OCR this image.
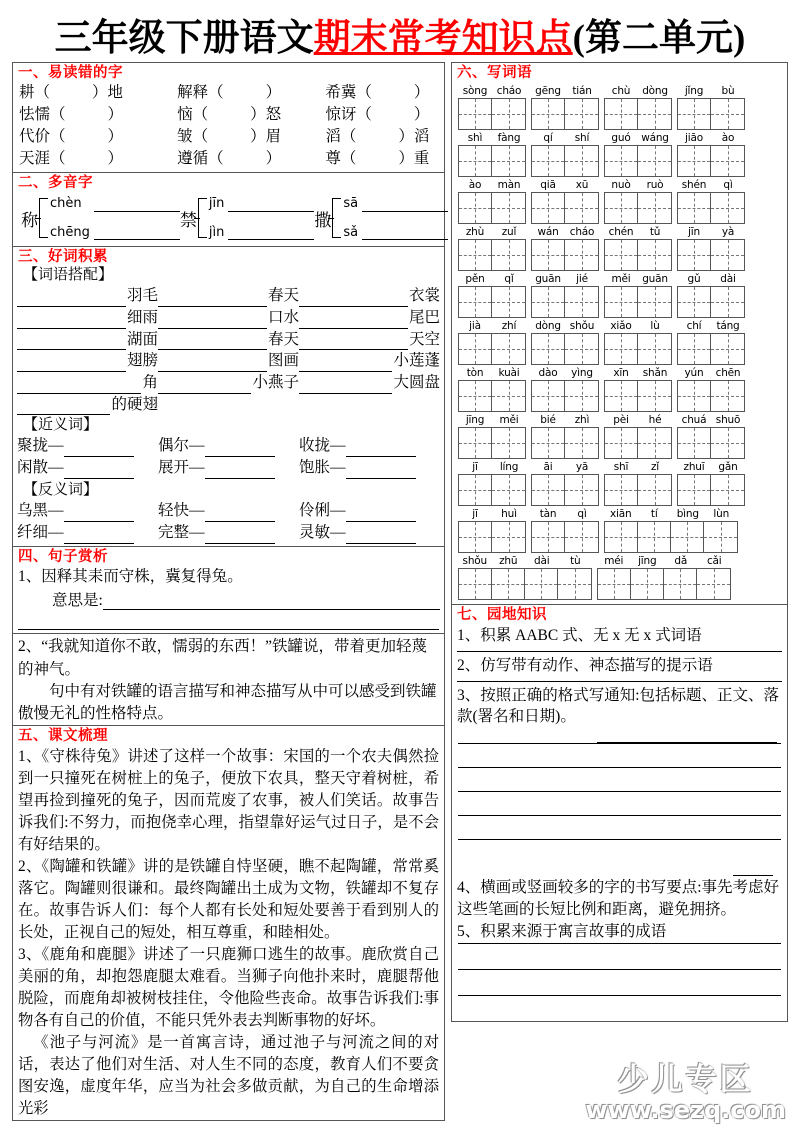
三年级下册语文期末常考知识点(第二单元)
一、易读错的字
耕（	）地	解释（	）	希冀（	）
怯懦（	）	恼（	）怒	惊讶（	）
代价（	）	皱（	）眉	滔（	）滔
天涯（	）	遵循（	）	尊（	）重
二、多音字
称
chèn
chēng
禁
jīn
jìn
撒
sā
sǎ
三、好词积累
【词语搭配】
羽毛	春天	衣裳
细雨	口水	尾巴
湖面	春天	天空
翅膀	图画	小莲蓬
角	小燕子	大圆盘
的硬翅
【近义词】
聚拢—	偶尔—	收拢—
闲散—	展开—	饱胀—
【反义词】
乌黑—	轻快—	伶俐—
纤细—	完整—	灵敏—
四、句子赏析
1、因释其耒而守株，冀复得兔。
意思是:
2、“我就知道你不敢，懦弱的东西！”铁罐说，带着更加轻蔑的神气。
句中有对铁罐的语言描写和神态描写从中可以感受到铁罐傲慢无礼的性格特点。
五、课文梳理
1、《守株待兔》讲述了这样一个故事：宋国的一个农夫偶然捡到一只撞死在树桩上的兔子，便放下农具，整天守着树桩，希望再捡到撞死的兔子，因而荒废了农事，被人们笑话。故事告诉我们:不努力，而抱侥幸心理，指望靠好运气过日子，是不会有好结果的。
2、《陶罐和铁罐》讲的是铁罐自恃坚硬，瞧不起陶罐，常常奚落它。陶罐则很谦和。最终陶罐出土成为文物，铁罐却不复存在。故事告诉人们：每个人都有长处和短处要善于看到别人的长处，正视自己的短处，相互尊重，和睦相处。
3、《鹿角和鹿腿》讲述了一只鹿狮口逃生的故事。鹿欣赏自己美丽的角，却抱怨鹿腿太难看。当狮子向他扑来时，鹿腿帮他脱险，而鹿角却被树枝挂住，令他险些丧命。故事告诉我们:事物各有自己的价值，不能只凭外表去判断事物的好坏。
《池子与河流》是一首寓言诗，通过池子与河流之间的对话，表达了他们对生活、对人生不同的态度，教育人们不要贪图安逸，虚度年华，应当为社会多做贡献，为自己的生命增添光彩
六、写词语
sòng cháo	gēng	tián	chù	dòng	jǐng	bù
shì	fàng	qí	shí	guó	wáng	jiāo	ào
ào	màn	qiā	xū	nuò	ruò	shén	qì
zhù	zuǐ	wán	cháo	chén	tǔ	jīn	yà
pěn	qǐ	guān	jié	měi	guān	gǔ	dài
jià	zhí	dòng shǒu	xiǎo	lù	chí	táng
tòn	kuài	dào	yìng	xīn	shǎn	yún	chēn
jīng	měi	bié	zhì	pèi	hé	chuá shuō
jī	líng	āi	yā	shī	zǐ	zhuī	gǎn
jī	huì	tàn	qì	xiān	tí	bìng	lùn
shǒu	zhū	dài	tù	méi	jīng	dǎ	cǎi
七、园地知识
1、积累 AABC 式、无 x 无 x 式词语
2、仿写带有动作、神态描写的提示语
3、按照正确的格式写通知:包括标题、正文、落款(署名和日期)。
4、横画或竖画较多的字的书写要点:事先考虑好这些笔画的长短比例和距离，避免拥挤。
5、积累来源于寓言故事的成语
少儿专区
www.sezq.com
